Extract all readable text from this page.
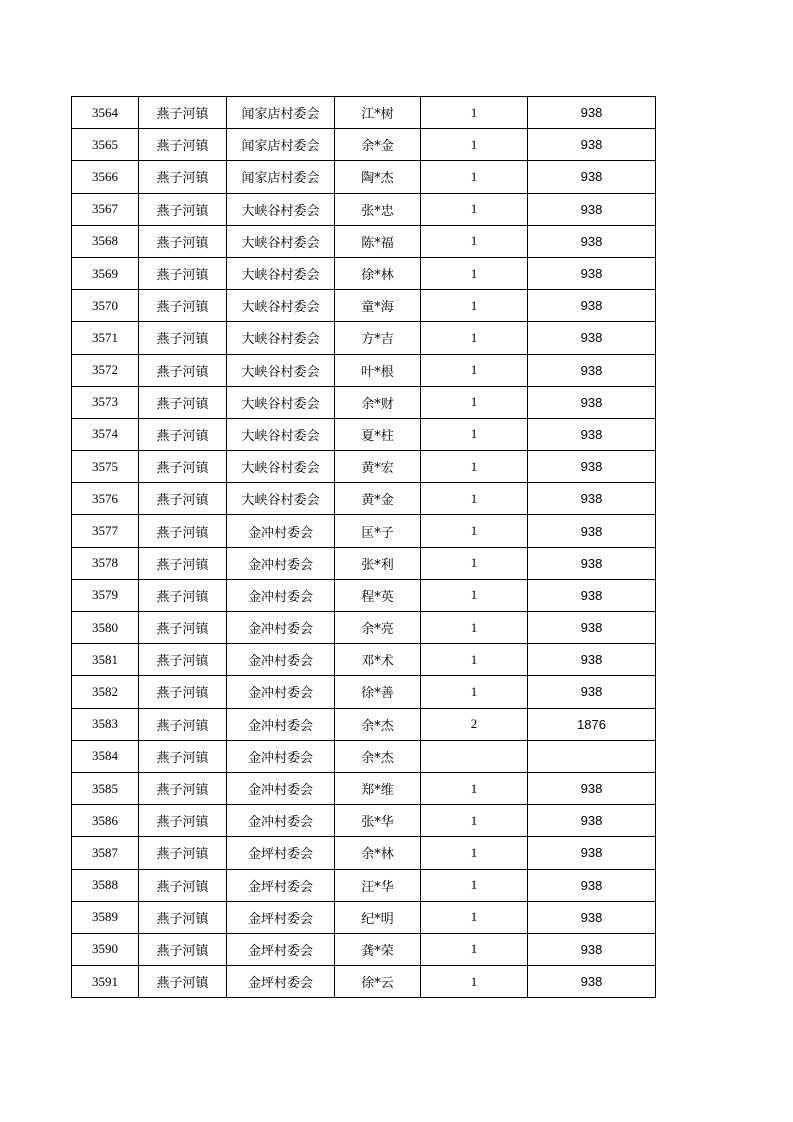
3564	燕子河镇	闻家店村委会	江*树	1	938
3565	燕子河镇	闻家店村委会	余*金	1	938
3566	燕子河镇	闻家店村委会	陶*杰	1	938
3567	燕子河镇	大峡谷村委会	张*忠	1	938
3568	燕子河镇	大峡谷村委会	陈*福	1	938
3569	燕子河镇	大峡谷村委会	徐*林	1	938
3570	燕子河镇	大峡谷村委会	童*海	1	938
3571	燕子河镇	大峡谷村委会	方*吉	1	938
3572	燕子河镇	大峡谷村委会	叶*根	1	938
3573	燕子河镇	大峡谷村委会	余*财	1	938
3574	燕子河镇	大峡谷村委会	夏*柱	1	938
3575	燕子河镇	大峡谷村委会	黄*宏	1	938
3576	燕子河镇	大峡谷村委会	黄*金	1	938
3577	燕子河镇	金冲村委会	匡*子	1	938
3578	燕子河镇	金冲村委会	张*利	1	938
3579	燕子河镇	金冲村委会	程*英	1	938
3580	燕子河镇	金冲村委会	余*亮	1	938
3581	燕子河镇	金冲村委会	邓*术	1	938
3582	燕子河镇	金冲村委会	徐*善	1	938
3583	燕子河镇	金冲村委会	余*杰	2	1876
3584	燕子河镇	金冲村委会	余*杰		
3585	燕子河镇	金冲村委会	郑*维	1	938
3586	燕子河镇	金冲村委会	张*华	1	938
3587	燕子河镇	金坪村委会	余*林	1	938
3588	燕子河镇	金坪村委会	汪*华	1	938
3589	燕子河镇	金坪村委会	纪*明	1	938
3590	燕子河镇	金坪村委会	龚*荣	1	938
3591	燕子河镇	金坪村委会	徐*云	1	938
